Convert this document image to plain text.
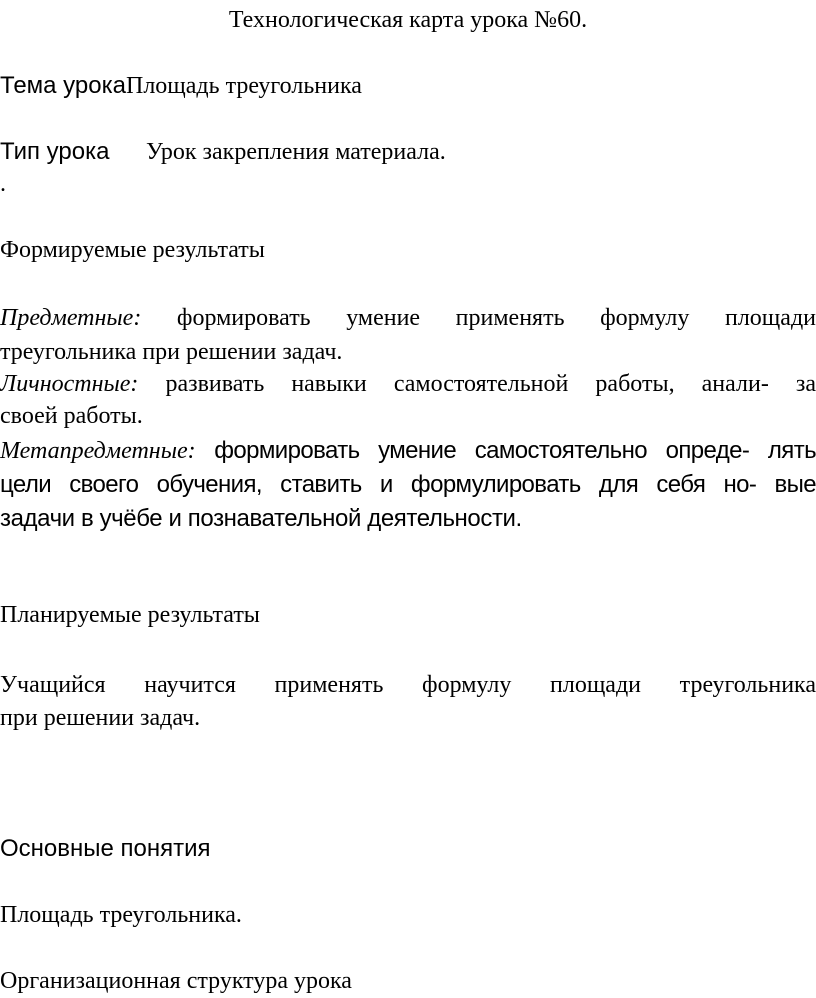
Технологическая карта урока №60.
Тема урокаПлощадь треугольника
Тип урока Урок закрепления материала.
.
Формируемые результаты
Предметные: формировать умение применять формулу площади
треугольника при решении задач.
Личностные: развивать навыки самостоятельной работы, анали- за
своей работы.
Метапредметные: формировать умение самостоятельно опреде- лять
цели своего обучения, ставить и формулировать для себя но- вые
задачи в учёбе и познавательной деятельности.
Планируемые результаты
Учащийся научится применять формулу площади треугольника
при решении задач.
Основные понятия
Площадь треугольника.
Организационная структура урока
